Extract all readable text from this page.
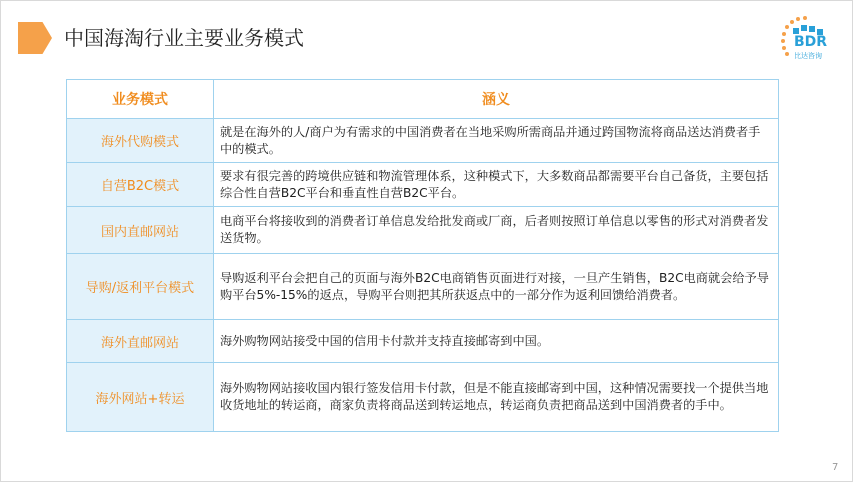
中国海淘行业主要业务模式	BDR
比达咨询
业务模式	涵义
海外代购模式	就是在海外的人/商户为有需求的中国消费者在当地采购所需商品并通过跨国物流将商品送达消费者手中的模式。
自营B2C模式	要求有很完善的跨境供应链和物流管理体系，这种模式下，大多数商品都需要平台自己备货，主要包括综合性自营B2C平台和垂直性自营B2C平台。
国内直邮网站	电商平台将接收到的消费者订单信息发给批发商或厂商，后者则按照订单信息以零售的形式对消费者发送货物。
导购/返利平台模式	导购返利平台会把自己的页面与海外B2C电商销售页面进行对接，一旦产生销售，B2C电商就会给予导购平台5%-15%的返点，导购平台则把其所获返点中的一部分作为返利回馈给消费者。
海外直邮网站	海外购物网站接受中国的信用卡付款并支持直接邮寄到中国。
海外网站+转运	海外购物网站接收国内银行签发信用卡付款，但是不能直接邮寄到中国，这种情况需要找一个提供当地收货地址的转运商，商家负责将商品送到转运地点，转运商负责把商品送到中国消费者的手中。
7
